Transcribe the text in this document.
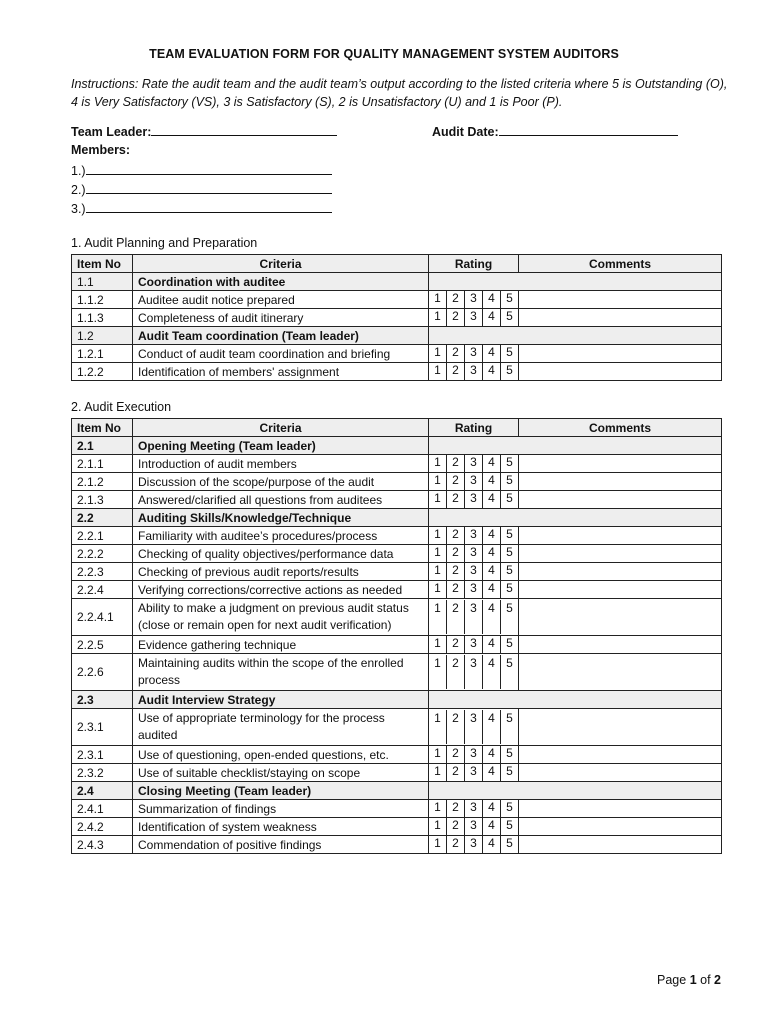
TEAM EVALUATION FORM FOR QUALITY MANAGEMENT SYSTEM AUDITORS
Instructions: Rate the audit team and the audit team’s output according to the listed criteria where 5 is Outstanding (O), 4 is Very Satisfactory (VS), 3 is Satisfactory (S), 2 is Unsatisfactory (U) and 1 is Poor (P).
Team Leader:	Audit Date:
Members:
1.)
2.)
3.)
1. Audit Planning and Preparation
Item No	Criteria	Rating	Comments
1.1	Coordination with auditee		
1.1.2	Auditee audit notice prepared	1 2 3 4 5	

1.1.3	Completeness of audit itinerary	1 2 3 4 5	

1.2	Audit Team coordination (Team leader)		
1.2.1	Conduct of audit team coordination and briefing	1 2 3 4 5	

1.2.2	Identification of members' assignment	1 2 3 4 5	

2. Audit Execution
Item No	Criteria	Rating	Comments
2.1	Opening Meeting (Team leader)		
2.1.1	Introduction of audit members	1 2 3 4 5	

2.1.2	Discussion of the scope/purpose of the audit	1 2 3 4 5	

2.1.3	Answered/clarified all questions from auditees	1 2 3 4 5	

2.2	Auditing Skills/Knowledge/Technique		
2.2.1	Familiarity with auditee’s procedures/process	1 2 3 4 5	

2.2.2	Checking of quality objectives/performance data	1 2 3 4 5	

2.2.3	Checking of previous audit reports/results	1 2 3 4 5	

2.2.4	Verifying corrections/corrective actions as needed	1 2 3 4 5	

2.2.4.1	Ability to make a judgment on previous audit status (close or remain open for next audit verification)	1 2 3 4 5	

2.2.5	Evidence gathering technique	1 2 3 4 5	

2.2.6	Maintaining audits within the scope of the enrolled process	1 2 3 4 5	

2.3	Audit Interview Strategy		
2.3.1	Use of appropriate terminology for the process audited	1 2 3 4 5	

2.3.1	Use of questioning, open-ended questions, etc.	1 2 3 4 5	

2.3.2	Use of suitable checklist/staying on scope	1 2 3 4 5	

2.4	Closing Meeting (Team leader)		
2.4.1	Summarization of findings	1 2 3 4 5	

2.4.2	Identification of system weakness	1 2 3 4 5	

2.4.3	Commendation of positive findings	1 2 3 4 5	

Page 1 of 2
